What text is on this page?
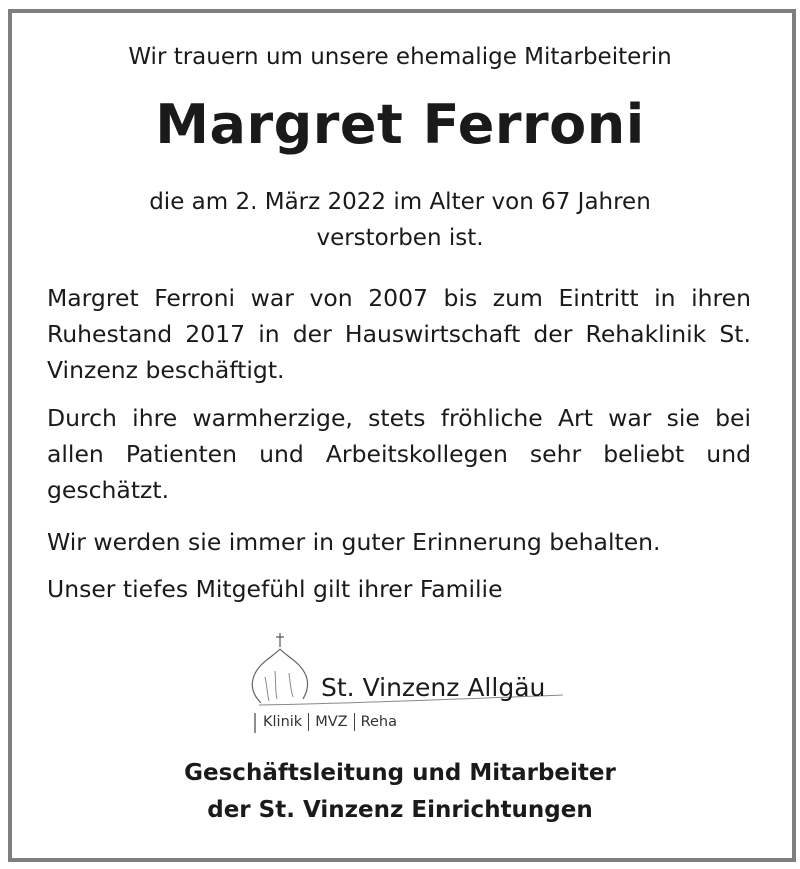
Wir trauern um unsere ehemalige Mitarbeiterin
Margret Ferroni
die am 2. März 2022 im Alter von 67 Jahren
verstorben ist.
Margret Ferroni war von 2007 bis zum Eintritt in ihren Ruhestand 2017 in der Hauswirtschaft der Rehaklinik St. Vinzenz beschäftigt.
Durch ihre warmherzige, stets fröhliche Art war sie bei allen Patienten und Arbeitskollegen sehr beliebt und geschätzt.
Wir werden sie immer in guter Erinnerung behalten.
Unser tiefes Mitgefühl gilt ihrer Familie
St. Vinzenz Allgäu
Klinik MVZ Reha
Geschäftsleitung und Mitarbeiter
der St. Vinzenz Einrichtungen
